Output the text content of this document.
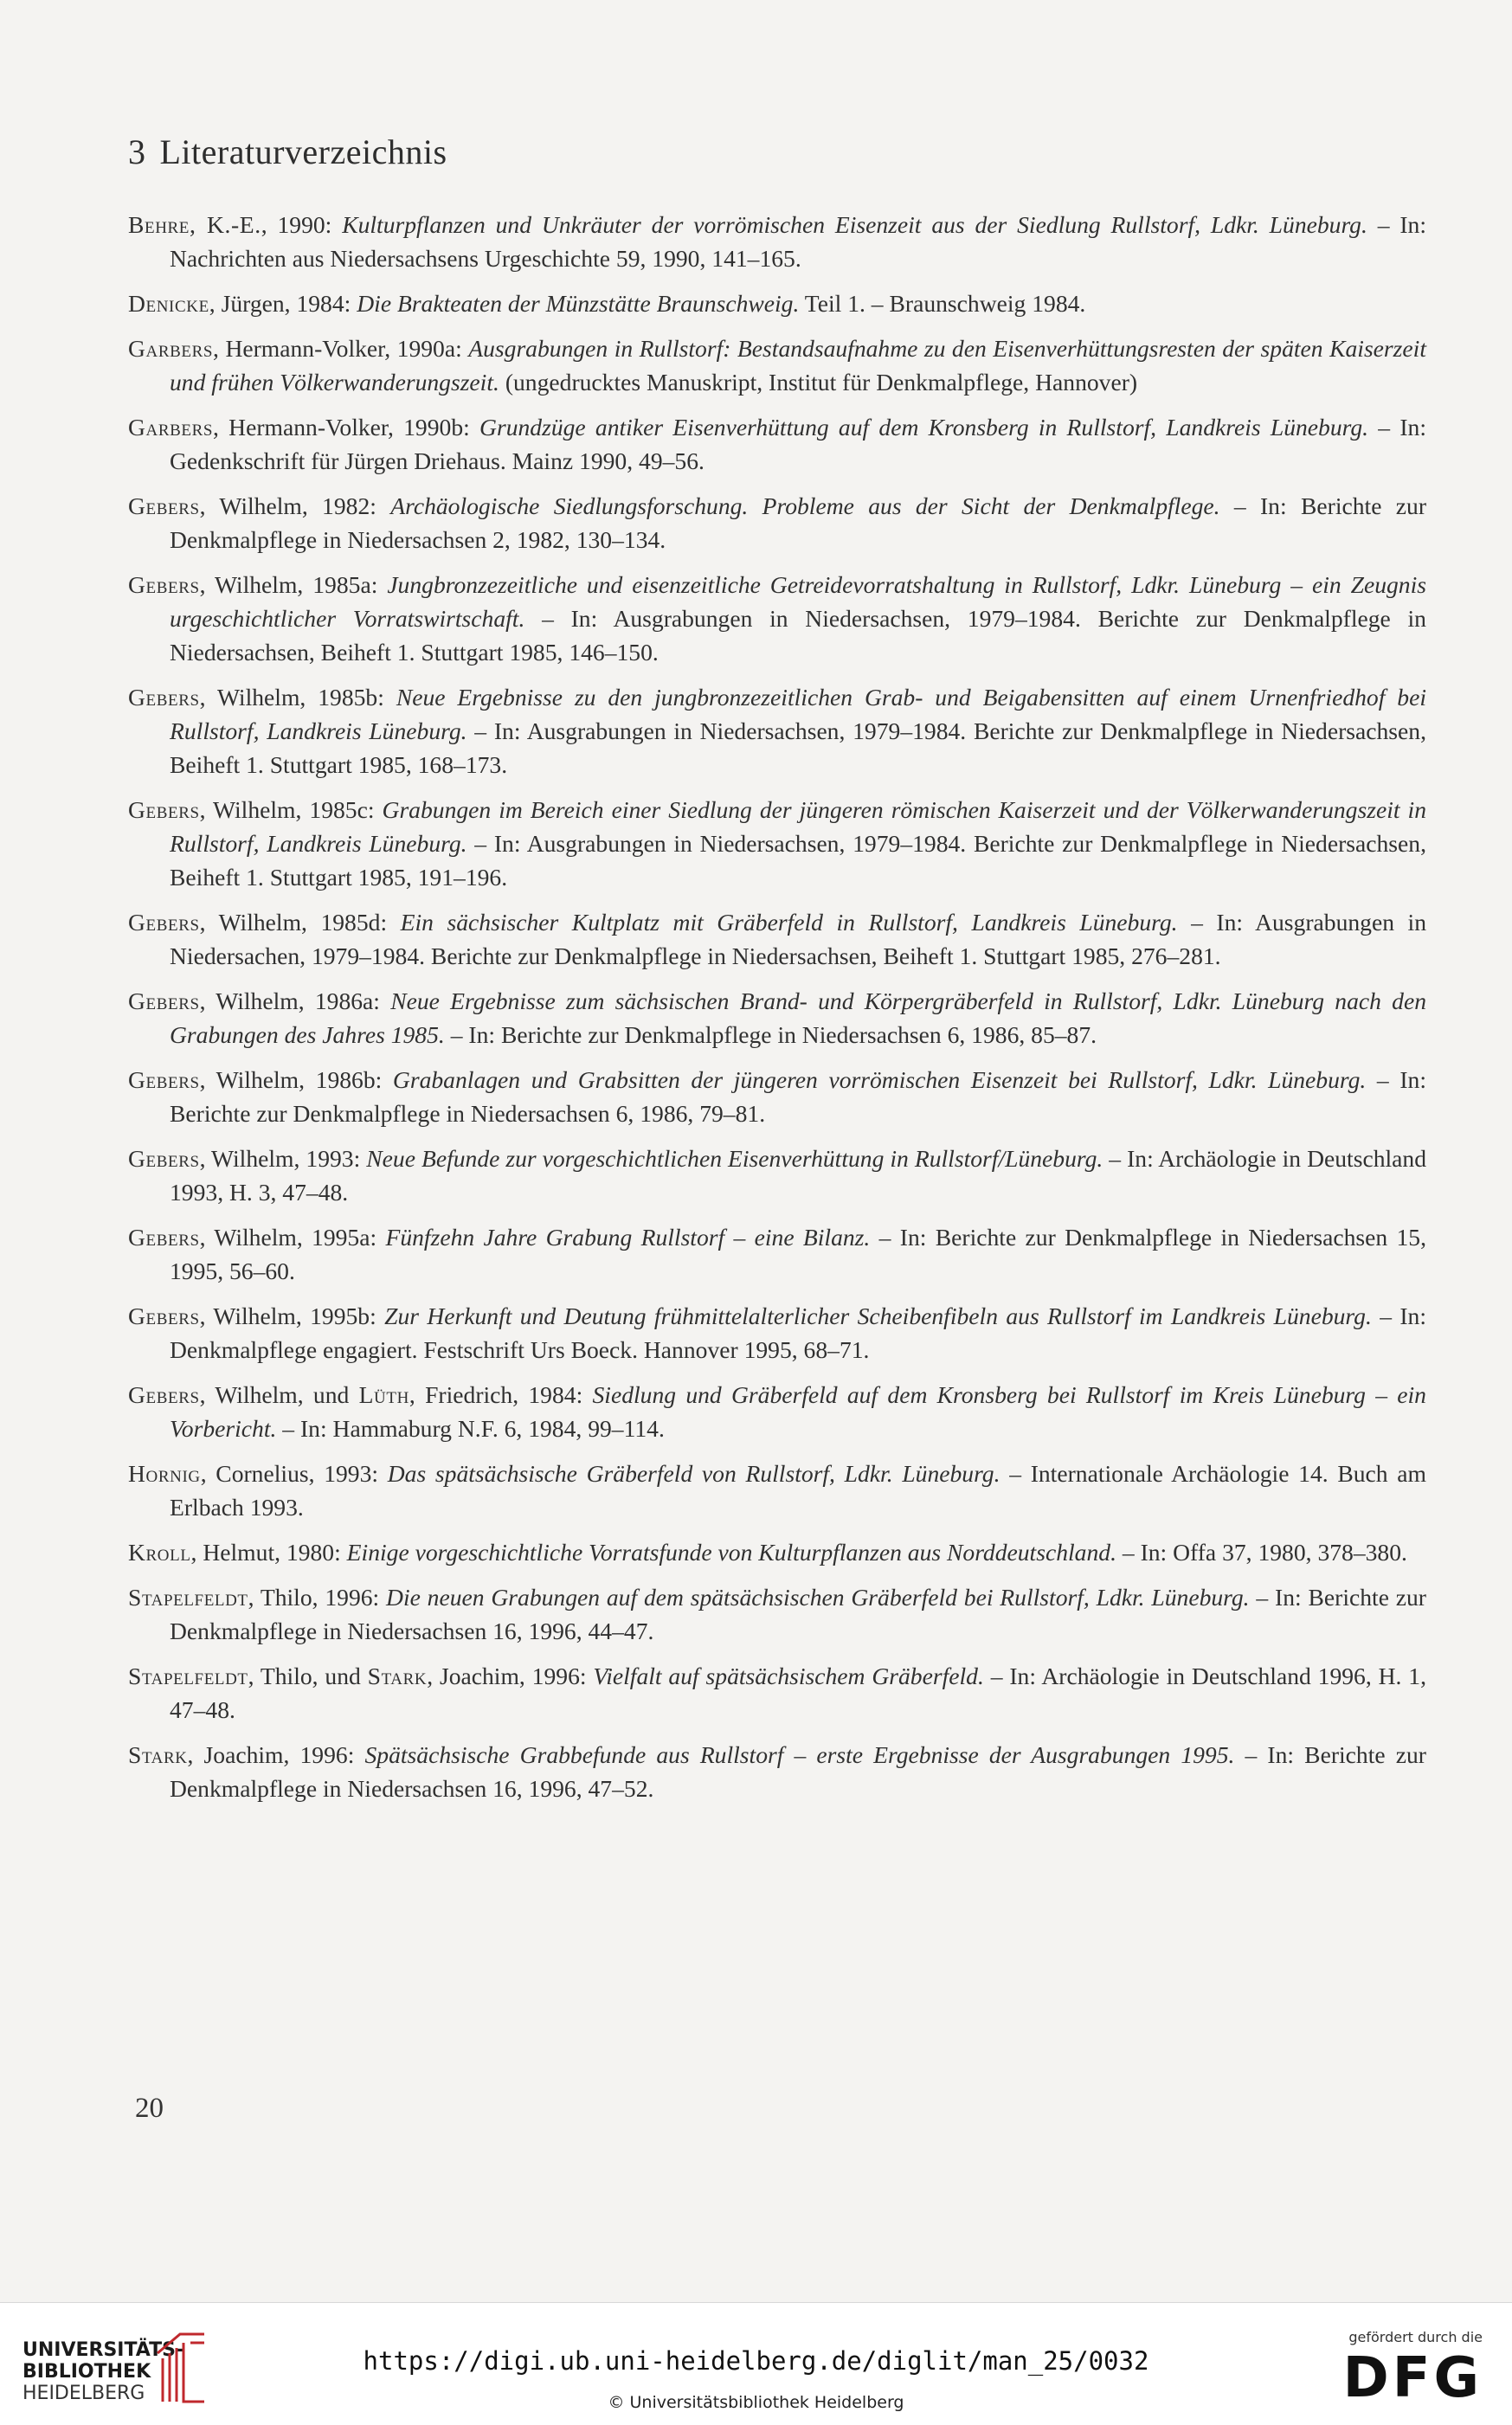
3 Literaturverzeichnis

Behre, K.-E., 1990: Kulturpflanzen und Unkräuter der vorrömischen Eisenzeit aus der Siedlung Rullstorf, Ldkr. Lüneburg. – In: Nachrichten aus Niedersachsens Urgeschichte 59, 1990, 141–165.

Denicke, Jürgen, 1984: Die Brakteaten der Münzstätte Braunschweig. Teil 1. – Braunschweig 1984.

Garbers, Hermann-Volker, 1990a: Ausgrabungen in Rullstorf: Bestandsaufnahme zu den Eisenverhüttungsresten der späten Kaiserzeit und frühen Völkerwanderungszeit. (ungedrucktes Manuskript, Institut für Denkmalpflege, Hannover)

Garbers, Hermann-Volker, 1990b: Grundzüge antiker Eisenverhüttung auf dem Kronsberg in Rullstorf, Landkreis Lüneburg. – In: Gedenkschrift für Jürgen Driehaus. Mainz 1990, 49–56.

Gebers, Wilhelm, 1982: Archäologische Siedlungsforschung. Probleme aus der Sicht der Denkmalpflege. – In: Berichte zur Denkmalpflege in Niedersachsen 2, 1982, 130–134.

Gebers, Wilhelm, 1985a: Jungbronzezeitliche und eisenzeitliche Getreidevorratshaltung in Rullstorf, Ldkr. Lüneburg – ein Zeugnis urgeschichtlicher Vorratswirtschaft. – In: Ausgrabungen in Niedersachsen, 1979–1984. Berichte zur Denkmalpflege in Niedersachsen, Beiheft 1. Stuttgart 1985, 146–150.

Gebers, Wilhelm, 1985b: Neue Ergebnisse zu den jungbronzezeitlichen Grab- und Beigabensitten auf einem Urnenfriedhof bei Rullstorf, Landkreis Lüneburg. – In: Ausgrabungen in Niedersachsen, 1979–1984. Berichte zur Denkmalpflege in Niedersachsen, Beiheft 1. Stuttgart 1985, 168–173.

Gebers, Wilhelm, 1985c: Grabungen im Bereich einer Siedlung der jüngeren römischen Kaiserzeit und der Völkerwanderungszeit in Rullstorf, Landkreis Lüneburg. – In: Ausgrabungen in Niedersachsen, 1979–1984. Berichte zur Denkmalpflege in Niedersachsen, Beiheft 1. Stuttgart 1985, 191–196.

Gebers, Wilhelm, 1985d: Ein sächsischer Kultplatz mit Gräberfeld in Rullstorf, Landkreis Lüneburg. – In: Ausgrabungen in Niedersachen, 1979–1984. Berichte zur Denkmalpflege in Niedersachsen, Beiheft 1. Stuttgart 1985, 276–281.

Gebers, Wilhelm, 1986a: Neue Ergebnisse zum sächsischen Brand- und Körpergräberfeld in Rullstorf, Ldkr. Lüneburg nach den Grabungen des Jahres 1985. – In: Berichte zur Denkmalpflege in Niedersachsen 6, 1986, 85–87.

Gebers, Wilhelm, 1986b: Grabanlagen und Grabsitten der jüngeren vorrömischen Eisenzeit bei Rullstorf, Ldkr. Lüneburg. – In: Berichte zur Denkmalpflege in Niedersachsen 6, 1986, 79–81.

Gebers, Wilhelm, 1993: Neue Befunde zur vorgeschichtlichen Eisenverhüttung in Rullstorf/Lüneburg. – In: Archäologie in Deutschland 1993, H. 3, 47–48.

Gebers, Wilhelm, 1995a: Fünfzehn Jahre Grabung Rullstorf – eine Bilanz. – In: Berichte zur Denkmalpflege in Niedersachsen 15, 1995, 56–60.

Gebers, Wilhelm, 1995b: Zur Herkunft und Deutung frühmittelalterlicher Scheibenfibeln aus Rullstorf im Landkreis Lüneburg. – In: Denkmalpflege engagiert. Festschrift Urs Boeck. Hannover 1995, 68–71.

Gebers, Wilhelm, und Lüth, Friedrich, 1984: Siedlung und Gräberfeld auf dem Kronsberg bei Rullstorf im Kreis Lüneburg – ein Vorbericht. – In: Hammaburg N.F. 6, 1984, 99–114.

Hornig, Cornelius, 1993: Das spätsächsische Gräberfeld von Rullstorf, Ldkr. Lüneburg. – Internationale Archäologie 14. Buch am Erlbach 1993.

Kroll, Helmut, 1980: Einige vorgeschichtliche Vorratsfunde von Kulturpflanzen aus Norddeutschland. – In: Offa 37, 1980, 378–380.

Stapelfeldt, Thilo, 1996: Die neuen Grabungen auf dem spätsächsischen Gräberfeld bei Rullstorf, Ldkr. Lüneburg. – In: Berichte zur Denkmalpflege in Niedersachsen 16, 1996, 44–47.

Stapelfeldt, Thilo, und Stark, Joachim, 1996: Vielfalt auf spätsächsischem Gräberfeld. – In: Archäologie in Deutschland 1996, H. 1, 47–48.

Stark, Joachim, 1996: Spätsächsische Grabbefunde aus Rullstorf – erste Ergebnisse der Ausgrabungen 1995. – In: Berichte zur Denkmalpflege in Niedersachsen 16, 1996, 47–52.

20
UNIVERSITÄTS-
BIBLIOTHEK
HEIDELBERG
https://digi.ub.uni-heidelberg.de/diglit/man_25/0032
© Universitätsbibliothek Heidelberg
gefördert durch die
DFG
